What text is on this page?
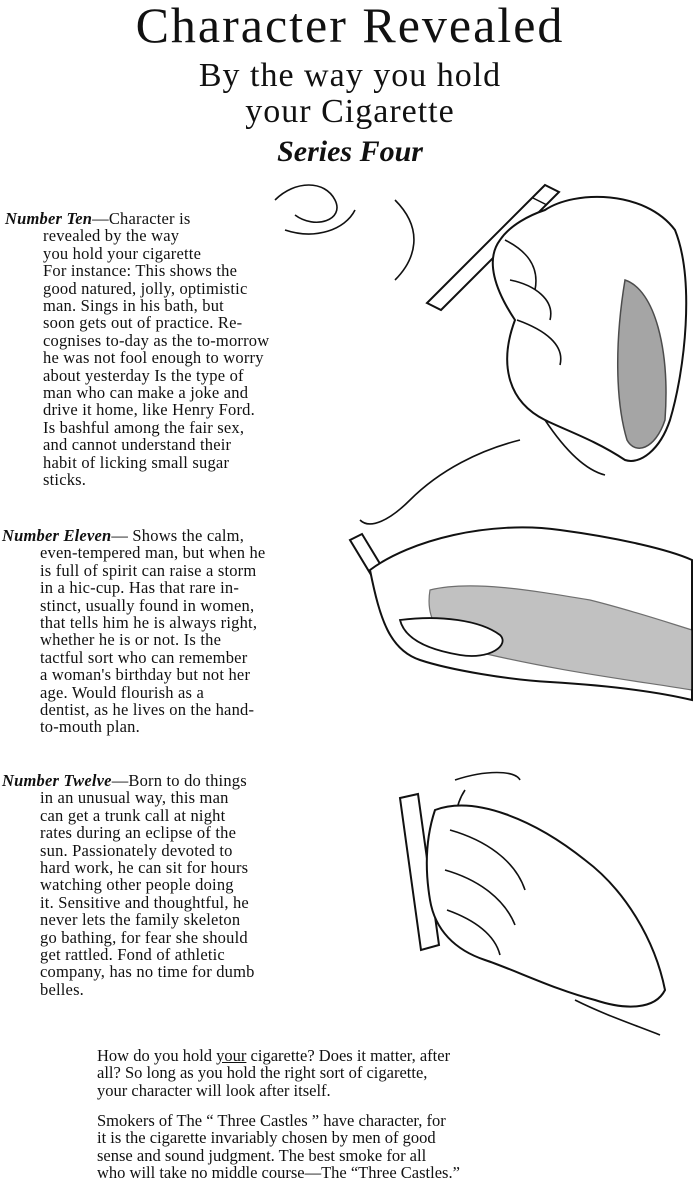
Character Revealed
By the way you hold
your Cigarette
Series Four
Number Ten—Character is
revealed by the way
you hold your cigarette
For instance: This shows the
good natured, jolly, optimistic
man. Sings in his bath, but
soon gets out of practice. Re-
cognises to-day as the to-morrow
he was not fool enough to worry
about yesterday Is the type of
man who can make a joke and
drive it home, like Henry Ford.
Is bashful among the fair sex,
and cannot understand their
habit of licking small sugar
sticks.
Number Eleven— Shows the calm,
even-tempered man, but when he
is full of spirit can raise a storm
in a hic-cup. Has that rare in-
stinct, usually found in women,
that tells him he is always right,
whether he is or not. Is the
tactful sort who can remember
a woman's birthday but not her
age. Would flourish as a
dentist, as he lives on the hand-
to-mouth plan.
Number Twelve—Born to do things
in an unusual way, this man
can get a trunk call at night
rates during an eclipse of the
sun. Passionately devoted to
hard work, he can sit for hours
watching other people doing
it. Sensitive and thoughtful, he
never lets the family skeleton
go bathing, for fear she should
get rattled. Fond of athletic
company, has no time for dumb
belles.
How do you hold your cigarette? Does it matter, after
all? So long as you hold the right sort of cigarette,
your character will look after itself.
Smokers of The “ Three Castles ” have character, for
it is the cigarette invariably chosen by men of good
sense and sound judgment. The best smoke for all
who will take no middle course—The “Three Castles.”
